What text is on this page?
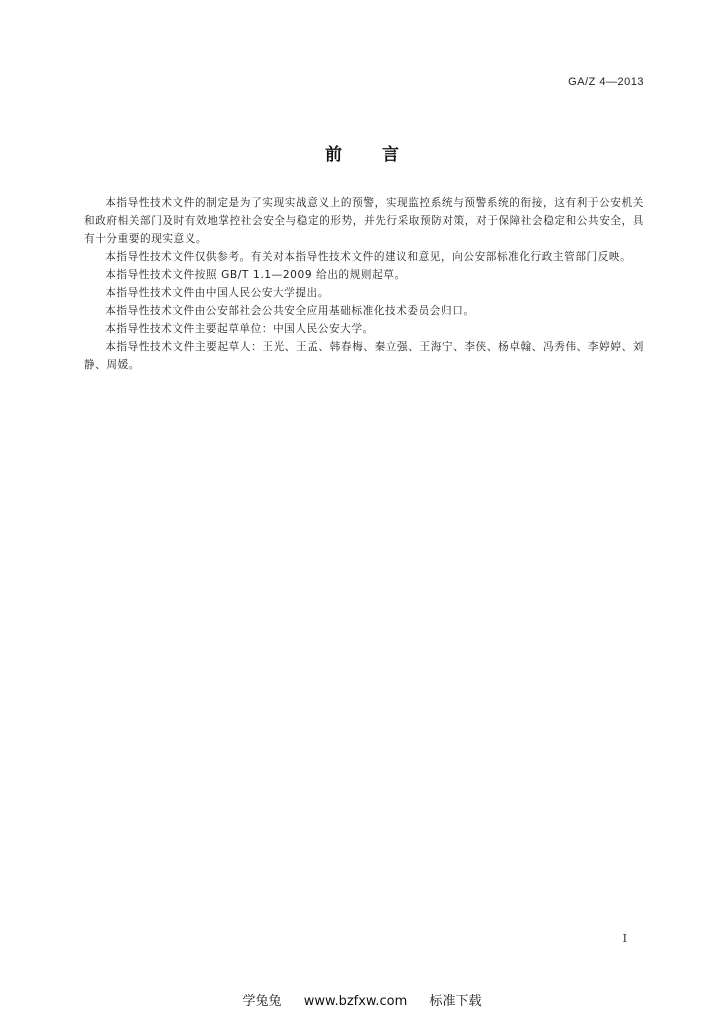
GA/Z 4—2013
前言

本指导性技术文件的制定是为了实现实战意义上的预警，实现监控系统与预警系统的衔接，这有利于公安机关和政府相关部门及时有效地掌控社会安全与稳定的形势，并先行采取预防对策，对于保障社会稳定和公共安全，具有十分重要的现实意义。

本指导性技术文件仅供参考。有关对本指导性技术文件的建议和意见，向公安部标准化行政主管部门反映。

本指导性技术文件按照 GB/T 1.1—2009 给出的规则起草。

本指导性技术文件由中国人民公安大学提出。

本指导性技术文件由公安部社会公共安全应用基础标准化技术委员会归口。

本指导性技术文件主要起草单位：中国人民公安大学。

本指导性技术文件主要起草人：王光、王孟、韩春梅、秦立强、王海宁、李侠、杨卓翰、冯秀伟、李婷婷、刘静、周媛。

I
学兔兔 www.bzfxw.com 标准下载
